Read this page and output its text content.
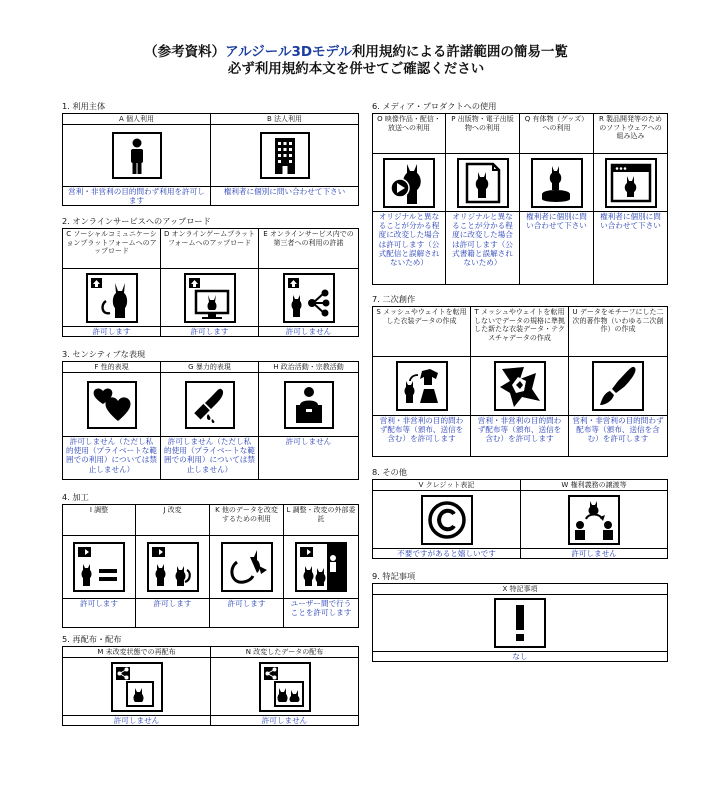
（参考資料）アルジール3Dモデル利用規約による許諾範囲の簡易一覧
必ず利用規約本文を併せてご確認ください
1. 利用主体
A 個人利用
営利・非営利の目的問わず利用を許可します
B 法人利用
権利者に個別に問い合わせて下さい
2. オンラインサービスへのアップロード
C ソーシャルコミュニケーションプラットフォームへのアップロード
許可します
D オンラインゲームプラットフォームへのアップロード
許可します
E オンラインサービス内での第三者への利用の許諾
許可しません
3. センシティブな表現
F 性的表現
許可しません（ただし私的使用（プライベートな範囲での利用）については禁止しません）
G 暴力的表現
許可しません（ただし私的使用（プライベートな範囲での利用）については禁止しません）
H 政治活動・宗教活動
許可しません
4. 加工
I 調整
許可します
J 改変
許可します
K 他のデータを改変するための利用
許可します
L 調整・改変の外部委託
ユーザー間で行うことを許可します
5. 再配布・配布
M 未改変状態での再配布
許可しません
N 改変したデータの配布
許可しません
6. メディア・プロダクトへの使用
O 映像作品・配信・放送への利用
オリジナルと異なることが分かる程度に改変した場合は許可します（公式配信と誤解されないため）
P 出版物・電子出版物への利用
オリジナルと異なることが分かる程度に改変した場合は許可します（公式書籍と誤解されないため）
Q 有体物（グッズ）への利用
権利者に個別に問い合わせて下さい
R 製品開発等のためのソフトウェアへの組み込み
権利者に個別に問い合わせて下さい
7. 二次創作
S メッシュやウェイトを転用した衣装データの作成
営利・非営利の目的問わず配布等（頒布、送信を含む）を許可します
T メッシュやウェイトを転用しないでデータの規格に準拠した新たな衣装データ・テクスチャデータの作成
営利・非営利の目的問わず配布等（頒布、送信を含む）を許可します
U データをモチーフにした二次的著作物（いわゆる二次創作）の作成
営利・非営利の目的問わず配布等（頒布、送信を含む）を許可します
8. その他
V クレジット表記
不要ですがあると嬉しいです
W 権利義務の譲渡等
許可しません
9. 特記事項
X 特記事項
なし
